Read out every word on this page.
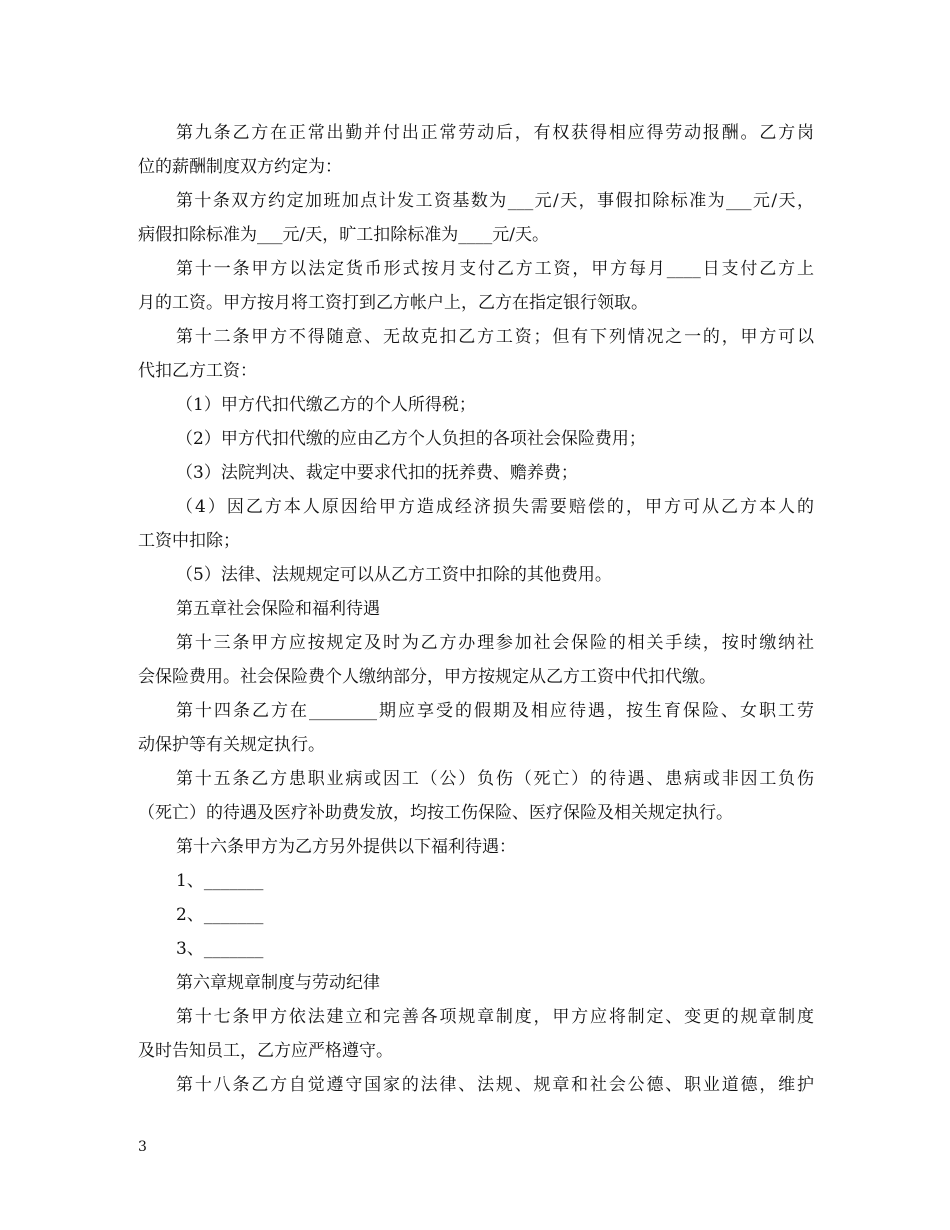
第九条乙方在正常出勤并付出正常劳动后，有权获得相应得劳动报酬。乙方岗
位的薪酬制度双方约定为：
第十条双方约定加班加点计发工资基数为___元/天，事假扣除标准为___元/天，
病假扣除标准为___元/天，旷工扣除标准为____元/天。
第十一条甲方以法定货币形式按月支付乙方工资，甲方每月____日支付乙方上
月的工资。甲方按月将工资打到乙方帐户上，乙方在指定银行领取。
第十二条甲方不得随意、无故克扣乙方工资；但有下列情况之一的，甲方可以
代扣乙方工资：
（1）甲方代扣代缴乙方的个人所得税；
（2）甲方代扣代缴的应由乙方个人负担的各项社会保险费用；
（3）法院判决、裁定中要求代扣的抚养费、赡养费；
（4）因乙方本人原因给甲方造成经济损失需要赔偿的，甲方可从乙方本人的
工资中扣除；
（5）法律、法规规定可以从乙方工资中扣除的其他费用。
第五章社会保险和福利待遇
第十三条甲方应按规定及时为乙方办理参加社会保险的相关手续，按时缴纳社
会保险费用。社会保险费个人缴纳部分，甲方按规定从乙方工资中代扣代缴。
第十四条乙方在________期应享受的假期及相应待遇，按生育保险、女职工劳
动保护等有关规定执行。
第十五条乙方患职业病或因工（公）负伤（死亡）的待遇、患病或非因工负伤
（死亡）的待遇及医疗补助费发放，均按工伤保险、医疗保险及相关规定执行。
第十六条甲方为乙方另外提供以下福利待遇：
1、_______
2、_______
3、_______
第六章规章制度与劳动纪律
第十七条甲方依法建立和完善各项规章制度，甲方应将制定、变更的规章制度
及时告知员工，乙方应严格遵守。
第十八条乙方自觉遵守国家的法律、法规、规章和社会公德、职业道德，维护
3
